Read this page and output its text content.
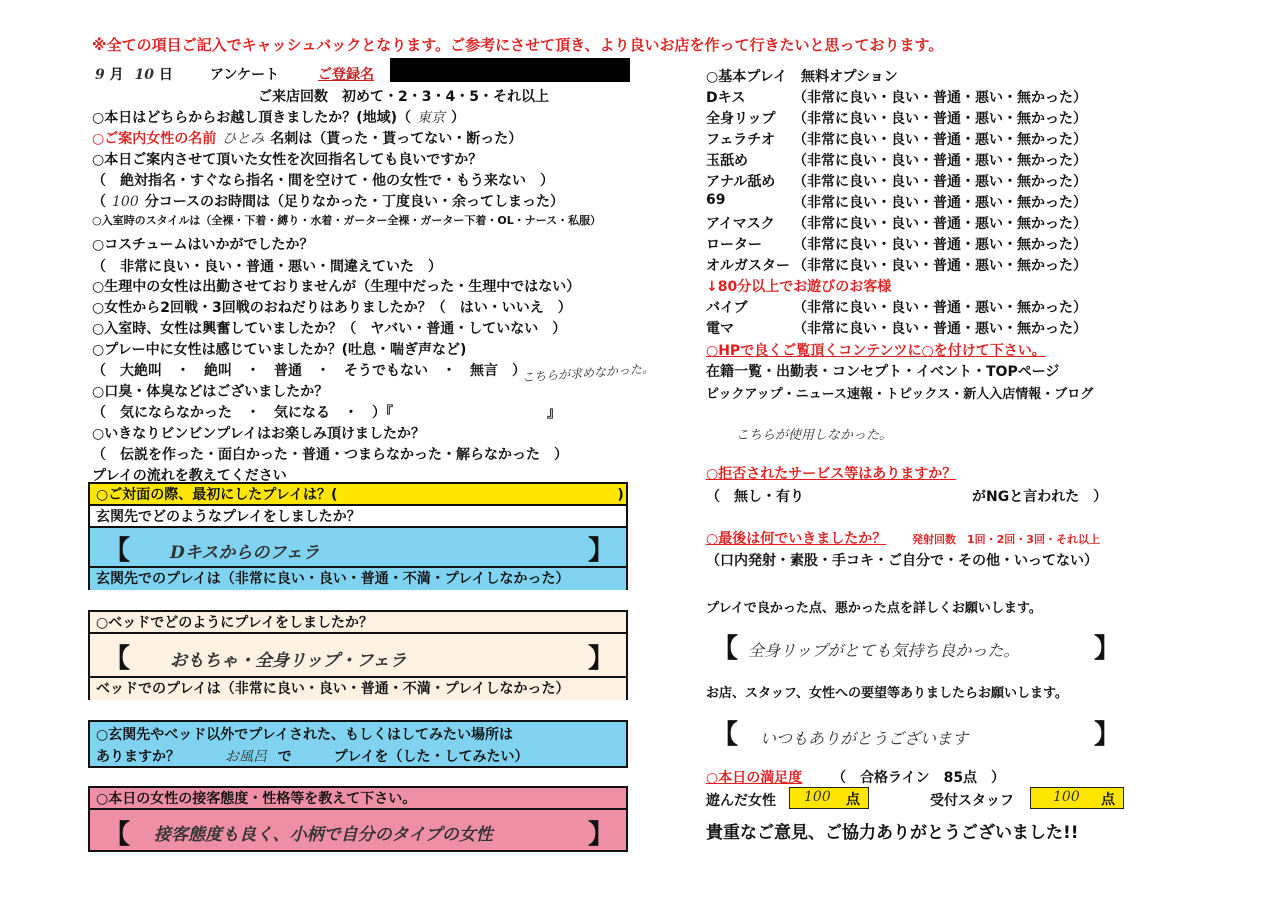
※全ての項目ご記入でキャッシュバックとなります。ご参考にさせて頂き、より良いお店を作って行きたいと思っております。
9 月 10 日	アンケート	ご登録名
ご来店回数　初めて・2・3・4・5・それ以上
○本日はどちらからお越し頂きましたか？(地域)（ 東京 ）
○ご案内女性の名前 ひとみ 名刺は（貰った・貰ってない・断った）
○本日ご案内させて頂いた女性を次回指名しても良いですか？
（　絶対指名・すぐなら指名・間を空けて・他の女性で・もう来ない　）
（ 100 分コースのお時間は（足りなかった・丁度良い・余ってしまった）
○入室時のスタイルは（全裸・下着・縛り・水着・ガーター全裸・ガーター下着・OL・ナース・私服）
○コスチュームはいかがでしたか？
（　非常に良い・良い・普通・悪い・間違えていた　）
○生理中の女性は出勤させておりませんが（生理中だった・生理中ではない）
○女性から2回戦・3回戦のおねだりはありましたか？（　はい・いいえ　）
○入室時、女性は興奮していましたか？（　ヤバい・普通・していない　）
○プレー中に女性は感じていましたか？(吐息・喘ぎ声など)
（　大絶叫　・　絶叫　・　普通　・　そうでもない　・　無言　）
○口臭・体臭などはございましたか？
（　気にならなかった　・　気になる　・　）『　　　　　　　　　　　』
○いきなりビンビンプレイはお楽しみ頂けましたか？
（　伝説を作った・面白かった・普通・つまらなかった・解らなかった　）
プレイの流れを教えてください
こちらが求めなかった。
○ご対面の際、最初にしたプレイは？(　　　　　　　　　　　　　　　　　　　　)
玄関先でどのようなプレイをしましたか？
【 Dキスからのフェラ	】
玄関先でのプレイは（非常に良い・良い・普通・不満・プレイしなかった）
○ベッドでどのようにプレイをしましたか？
【 おもちゃ・全身リップ・フェラ	】
ベッドでのプレイは（非常に良い・良い・普通・不満・プレイしなかった）
○玄関先やベッド以外でプレイされた、もしくはしてみたい場所は
ありますか？	お風呂 で　　　プレイを（した・してみたい）
○本日の女性の接客態度・性格等を教えて下さい。
【 接客態度も良く、小柄で自分のタイプの女性	】
○基本プレイ　無料オプション
Dキス	（非常に良い・良い・普通・悪い・無かった）
全身リップ （非常に良い・良い・普通・悪い・無かった）
フェラチオ （非常に良い・良い・普通・悪い・無かった）
玉舐め	（非常に良い・良い・普通・悪い・無かった）
アナル舐め （非常に良い・良い・普通・悪い・無かった）
69	（非常に良い・良い・普通・悪い・無かった）
アイマスク （非常に良い・良い・普通・悪い・無かった）
ローター （非常に良い・良い・普通・悪い・無かった）
オルガスター （非常に良い・良い・普通・悪い・無かった）
↓80分以上でお遊びのお客様
バイブ	（非常に良い・良い・普通・悪い・無かった）
電マ	（非常に良い・良い・普通・悪い・無かった）
○HPで良くご覧頂くコンテンツに○を付けて下さい。
在籍一覧・出勤表・コンセプト・イベント・TOPページ
ピックアップ・ニュース速報・トピックス・新人入店情報・ブログ
こちらが使用しなかった。
○拒否されたサービス等はありますか？
（　無し・有り　　　　　　　　　　　　がNGと言われた　）
○最後は何でいきましたか？ 発射回数　1回・2回・3回・それ以上
（口内発射・素股・手コキ・ご自分で・その他・いってない）
プレイで良かった点、悪かった点を詳しくお願いします。
【 全身リップがとても気持ち良かった。	】
お店、スタッフ、女性への要望等ありましたらお願いします。
【 いつもありがとうございます	】
○本日の満足度 （　合格ライン　85点　）
遊んだ女性 100 点	受付スタッフ	100 点
貴重なご意見、ご協力ありがとうございました!!
